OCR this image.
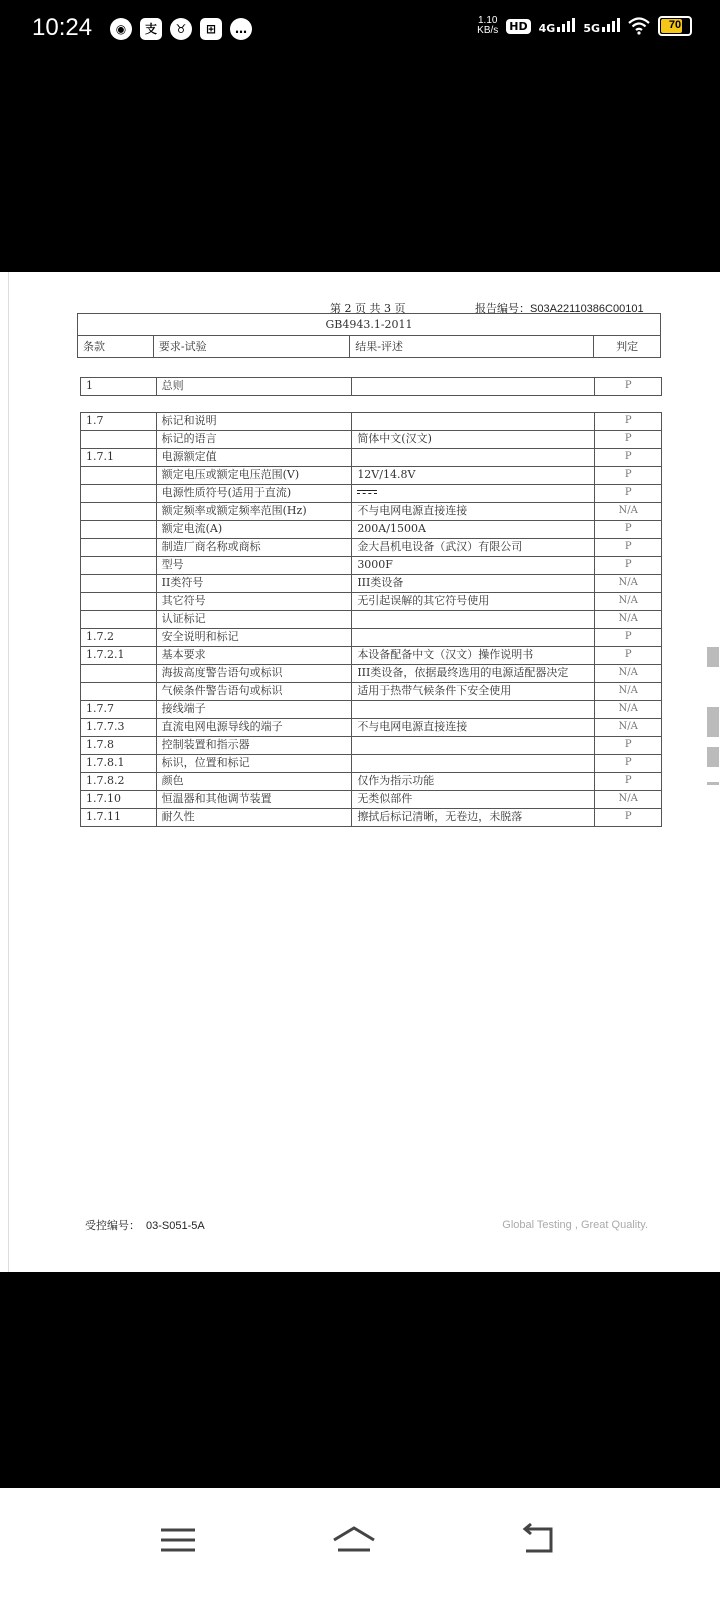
10:24	◉	支	♉	⊞	…
1.10
KB/s HD 4G	5G	70
第 2 页 共 3 页	报告编号：S03A22110386C00101
GB4943.1-2011
条款	要求-试验	结果-评述	判定
1	总则		P
1.7	标记和说明		P
	标记的语言	简体中文(汉文)	P
1.7.1	电源额定值		P
	额定电压或额定电压范围(V)	12V/14.8V	P
	电源性质符号(适用于直流)		P
	额定频率或额定频率范围(Hz)	不与电网电源直接连接	N/A
	额定电流(A)	200A/1500A	P
	制造厂商名称或商标	金大昌机电设备（武汉）有限公司	P
	型号	3000F	P
	II类符号	III类设备	N/A
	其它符号	无引起误解的其它符号使用	N/A
	认证标记		N/A
1.7.2	安全说明和标记		P
1.7.2.1	基本要求	本设备配备中文（汉文）操作说明书	P
	海拔高度警告语句或标识	III类设备，依据最终选用的电源适配器决定	N/A
	气候条件警告语句或标识	适用于热带气候条件下安全使用	N/A
1.7.7	接线端子		N/A
1.7.7.3	直流电网电源导线的端子	不与电网电源直接连接	N/A
1.7.8	控制装置和指示器		P
1.7.8.1	标识，位置和标记		P
1.7.8.2	颜色	仅作为指示功能	P
1.7.10	恒温器和其他调节装置	无类似部件	N/A
1.7.11	耐久性	擦拭后标记清晰，无卷边，未脱落	P
受控编号： 03-S051-5A	Global Testing , Great Quality.
